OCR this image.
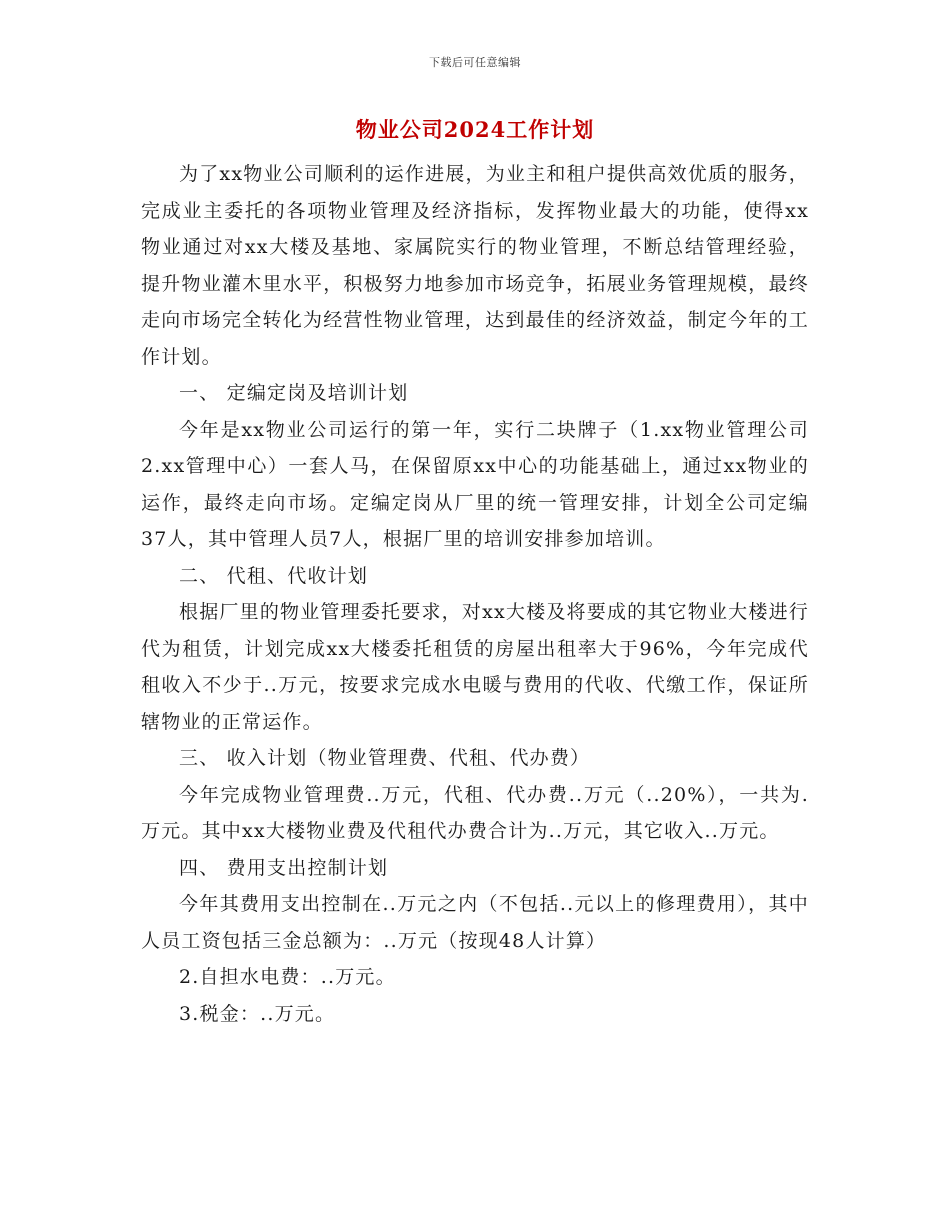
下载后可任意编辑
物业公司2024工作计划

为了xx物业公司顺利的运作进展，为业主和租户提供高效优质的服务，完成业主委托的各项物业管理及经济指标，发挥物业最大的功能，使得xx物业通过对xx大楼及基地、家属院实行的物业管理，不断总结管理经验，提升物业灌木里水平，积极努力地参加市场竞争，拓展业务管理规模，最终走向市场完全转化为经营性物业管理，达到最佳的经济效益，制定今年的工作计划。

一、 定编定岗及培训计划

今年是xx物业公司运行的第一年，实行二块牌子（1.xx物业管理公司 2.xx管理中心）一套人马，在保留原xx中心的功能基础上，通过xx物业的运作，最终走向市场。定编定岗从厂里的统一管理安排，计划全公司定编37人，其中管理人员7人，根据厂里的培训安排参加培训。

二、 代租、代收计划

根据厂里的物业管理委托要求，对xx大楼及将要成的其它物业大楼进行代为租赁，计划完成xx大楼委托租赁的房屋出租率大于96%，今年完成代租收入不少于..万元，按要求完成水电暖与费用的代收、代缴工作，保证所辖物业的正常运作。

三、 收入计划（物业管理费、代租、代办费）

今年完成物业管理费..万元，代租、代办费..万元（..20%），一共为.万元。其中xx大楼物业费及代租代办费合计为..万元，其它收入..万元。

四、 费用支出控制计划

今年其费用支出控制在..万元之内（不包括..元以上的修理费用），其中人员工资包括三金总额为：..万元（按现48人计算）

2.自担水电费：..万元。

3.税金：..万元。
